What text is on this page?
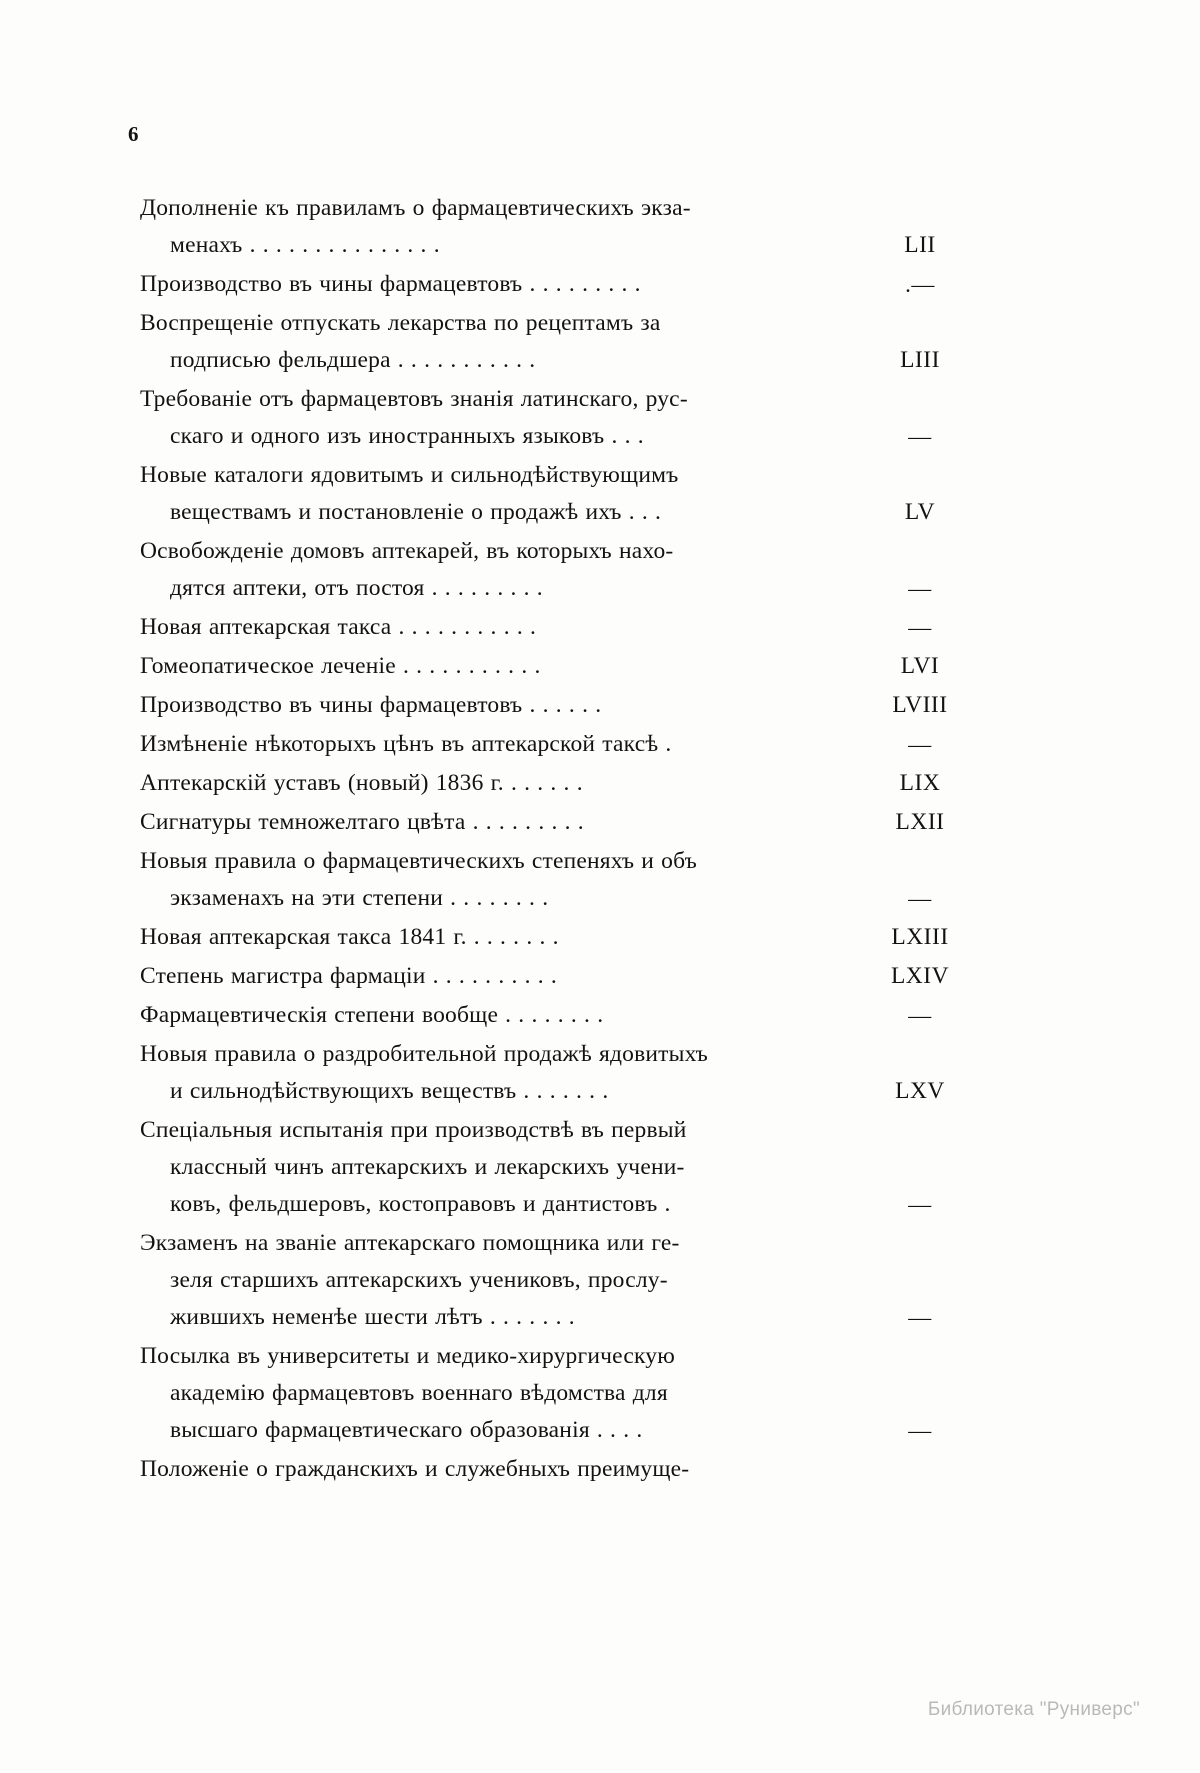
6
Дополненіе къ правиламъ о фармацевтическихъ экза-
менахъ . . . . . . . . . . . . . . .	LII
Производство въ чины фармацевтовъ . . . . . . . . .	.—
Воспрещеніе отпускать лекарства по рецептамъ за
подписью фельдшера . . . . . . . . . . .	LIII
Требованіе отъ фармацевтовъ знанія латинскаго, рус-
скаго и одного изъ иностранныхъ языковъ . . .	—
Новые каталоги ядовитымъ и сильнодѣйствующимъ
веществамъ и постановленіе о продажѣ ихъ . . .	LV
Освобожденіе домовъ аптекарей, въ которыхъ нахо-
дятся аптеки, отъ постоя . . . . . . . . .	—
Новая аптекарская такса . . . . . . . . . . .	—
Гомеопатическое леченіе . . . . . . . . . . .	LVI
Производство въ чины фармацевтовъ . . . . . .	LVIII
Измѣненіе нѣкоторыхъ цѣнъ въ аптекарской таксѣ .	—
Аптекарскій уставъ (новый) 1836 г. . . . . . .	LIX
Сигнатуры темножелтаго цвѣта . . . . . . . . .	LXII
Новыя правила о фармацевтическихъ степеняхъ и объ
экзаменахъ на эти степени . . . . . . . .	—
Новая аптекарская такса 1841 г. . . . . . . .	LXIII
Степень магистра фармаціи . . . . . . . . . .	LXIV
Фармацевтическія степени вообще . . . . . . . .	—
Новыя правила о раздробительной продажѣ ядовитыхъ
и сильнодѣйствующихъ веществъ . . . . . . .	LXV
Спеціальныя испытанія при производствѣ въ первый
классный чинъ аптекарскихъ и лекарскихъ учени-
ковъ, фельдшеровъ, костоправовъ и дантистовъ .	—
Экзаменъ на званіе аптекарскаго помощника или ге-
зеля старшихъ аптекарскихъ учениковъ, прослу-
жившихъ неменѣе шести лѣтъ . . . . . . .	—
Посылка въ университеты и медико-хирургическую
академію фармацевтовъ военнаго вѣдомства для
высшаго фармацевтическаго образованія . . . .	—
Положеніе о гражданскихъ и служебныхъ преимуще-
Библиотека "Руниверс"
